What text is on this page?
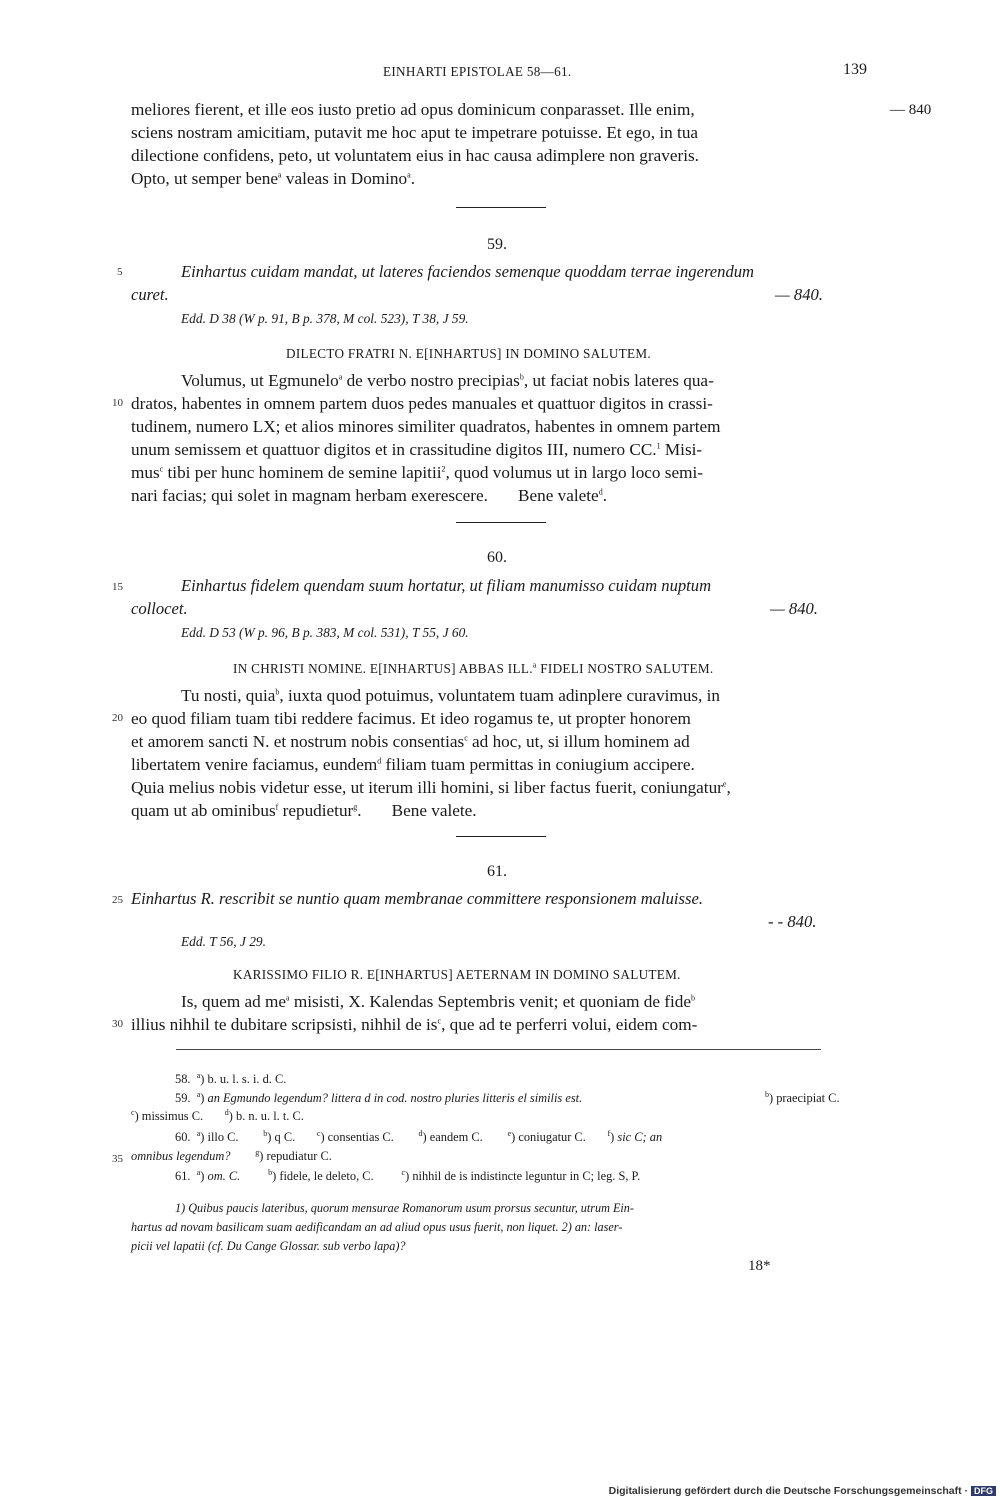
EINHARTI EPISTOLAE 58—61.	139
— 840
meliores fierent, et ille eos iusto pretio ad opus dominicum conparasset. Ille enim,
sciens nostram amicitiam, putavit me hoc aput te impetrare potuisse. Et ego, in tua
dilectione confidens, peto, ut voluntatem eius in hac causa adimplere non graveris.
Opto, ut semper bene$^a$ valeas in Domino$^a$.
59.
Einhartus cuidam mandat, ut lateres faciendos semenque quoddam terrae ingerendum
curet.	— 840.
Edd. D 38 (W p. 91, B p. 378, M col. 523), T 38, J 59.
DILECTO FRATRI N. E[INHARTUS] IN DOMINO SALUTEM.
Volumus, ut Egmunelo$^a$ de verbo nostro precipias$^b$, ut faciat nobis lateres qua-
dratos, habentes in omnem partem duos pedes manuales et quattuor digitos in crassi-
tudinem, numero LX; et alios minores similiter quadratos, habentes in omnem partem
unum semissem et quattuor digitos et in crassitudine digitos III, numero CC.$^1$ Misi-
mus$^c$ tibi per hunc hominem de semine lapitii$^2$, quod volumus ut in largo loco semi-
nari facias; qui solet in magnam herbam exerescere. Bene valete$^d$.
60.
Einhartus fidelem quendam suum hortatur, ut filiam manumisso cuidam nuptum
collocet.	— 840.
Edd. D 53 (W p. 96, B p. 383, M col. 531), T 55, J 60.
IN CHRISTI NOMINE. E[INHARTUS] ABBAS ILL.$^a$ FIDELI NOSTRO SALUTEM.
Tu nosti, quia$^b$, iuxta quod potuimus, voluntatem tuam adinplere curavimus, in
eo quod filiam tuam tibi reddere facimus. Et ideo rogamus te, ut propter honorem
et amorem sancti N. et nostrum nobis consentias$^c$ ad hoc, ut, si illum hominem ad
libertatem venire faciamus, eundem$^d$ filiam tuam permittas in coniugium accipere.
Quia melius nobis videtur esse, ut iterum illi homini, si liber factus fuerit, coniungatur$^e$,
quam ut ab ominibus$^f$ repudietur$^g$. Bene valete.
61.
Einhartus R. rescribit se nuntio quam membranae committere responsionem maluisse.
- - 840.
Edd. T 56, J 29.
KARISSIMO FILIO R. E[INHARTUS] AETERNAM IN DOMINO SALUTEM.
Is, quem ad $me^a$ misisti, X. Kalendas Septembris venit; et quoniam de fide$^b$
illius nihhil te dubitare scripsisti, nihhil de $is^c$, que ad te perferri volui, eidem com-
5
10
15
20
25
30
35
58. $^a$) b. u. l. s. i. d. C.
59. $^a$) an Egmundo legendum? littera d in cod. nostro pluries litteris el similis est.	$^b$) praecipiat C.
$^c$) missimus C.	$^d$) b. n. u. l. t. C.
60. $^a$) illo C.	$^b$) q C.	$^c$) consentias C.	$^d$) eandem C.	$^e$) coniugatur C.	$^f$) sic C; an
omnibus legendum?	$^g$) repudiatur C.
61. $^a$) om. C.	$^b$) fidele, le deleto, C.	$^c$) nihhil de is indistincte leguntur in C; leg. S, P.
1) Quibus paucis lateribus, quorum mensurae Romanorum usum prorsus secuntur, utrum Ein-
hartus ad novam basilicam suam aedificandam an ad aliud opus usus fuerit, non liquet. 2) an: laser-
picii vel lapatii (cf. Du Cange Glossar. sub verbo lapa)?
18*
Digitalisierung gefördert durch die Deutsche Forschungsgemeinschaft · DFG
